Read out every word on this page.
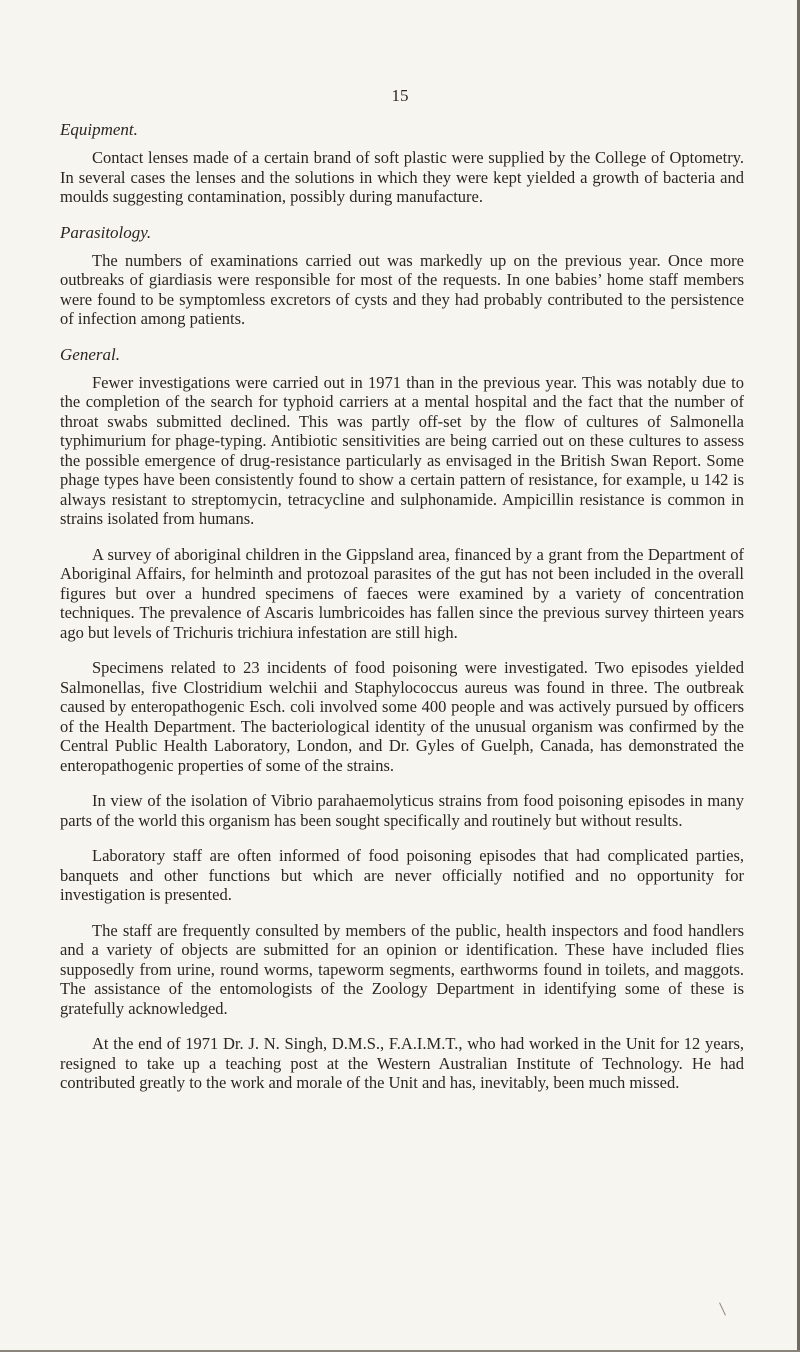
15
Equipment.

Contact lenses made of a certain brand of soft plastic were supplied by the College of Optometry. In several cases the lenses and the solutions in which they were kept yielded a growth of bacteria and moulds suggesting contamination, possibly during manufacture.

Parasitology.

The numbers of examinations carried out was markedly up on the previous year. Once more outbreaks of giardiasis were responsible for most of the requests. In one babies’ home staff members were found to be symptomless excretors of cysts and they had probably contributed to the persistence of infection among patients.

General.

Fewer investigations were carried out in 1971 than in the previous year. This was notably due to the completion of the search for typhoid carriers at a mental hospital and the fact that the number of throat swabs submitted declined. This was partly off-set by the flow of cultures of Salmonella typhimurium for phage-typing. Antibiotic sensitivities are being carried out on these cultures to assess the possible emergence of drug-resistance particularly as envisaged in the British Swan Report. Some phage types have been consistently found to show a certain pattern of resistance, for example, u 142 is always resistant to streptomycin, tetracycline and sulphonamide. Ampicillin resistance is common in strains isolated from humans.

A survey of aboriginal children in the Gippsland area, financed by a grant from the Department of Aboriginal Affairs, for helminth and protozoal parasites of the gut has not been included in the overall figures but over a hundred specimens of faeces were examined by a variety of concentration techniques. The prevalence of Ascaris lumbricoides has fallen since the previous survey thirteen years ago but levels of Trichuris trichiura infestation are still high.

Specimens related to 23 incidents of food poisoning were investigated. Two episodes yielded Salmonellas, five Clostridium welchii and Staphylococcus aureus was found in three. The outbreak caused by enteropathogenic Esch. coli involved some 400 people and was actively pursued by officers of the Health Department. The bacteriological identity of the unusual organism was confirmed by the Central Public Health Laboratory, London, and Dr. Gyles of Guelph, Canada, has demonstrated the enteropathogenic properties of some of the strains.

In view of the isolation of Vibrio parahaemolyticus strains from food poisoning episodes in many parts of the world this organism has been sought specifically and routinely but without results.

Laboratory staff are often informed of food poisoning episodes that had complicated parties, banquets and other functions but which are never officially notified and no opportunity for investigation is presented.

The staff are frequently consulted by members of the public, health inspectors and food handlers and a variety of objects are submitted for an opinion or identification. These have included flies supposedly from urine, round worms, tapeworm segments, earthworms found in toilets, and maggots. The assistance of the entomologists of the Zoology Department in identifying some of these is gratefully acknowledged.

At the end of 1971 Dr. J. N. Singh, D.M.S., F.A.I.M.T., who had worked in the Unit for 12 years, resigned to take up a teaching post at the Western Australian Institute of Technology. He had contributed greatly to the work and morale of the Unit and has, inevitably, been much missed.
